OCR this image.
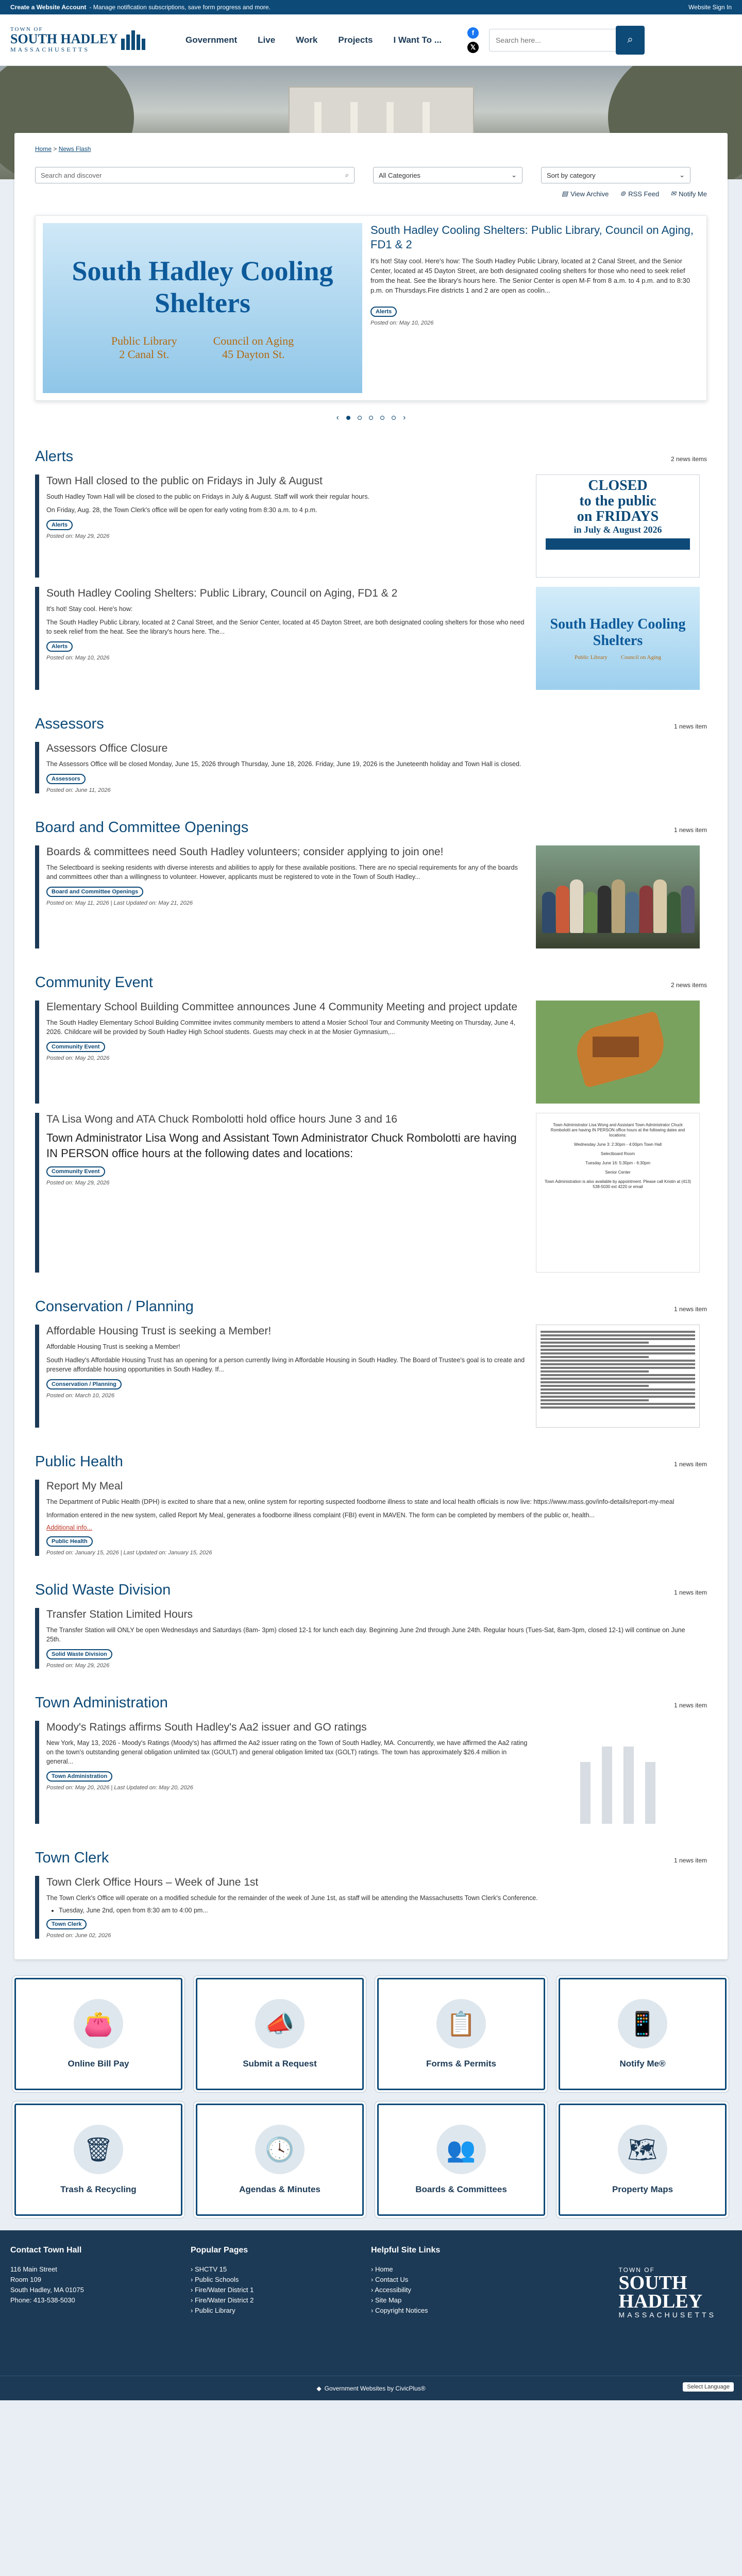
Create a Website Account - Manage notification subscriptions, save form progress and more.	Website Sign In
TOWN OF
SOUTH HADLEY
MASSACHUSETTS
Government Live Work Projects I Want To ...
f
𝕏
Search here...
⌕
Home > News Flash
Search and discover	⌕	All Categories	⌄	Sort by category	⌄
▤ View Archive ⊚ RSS Feed ✉ Notify Me
South Hadley Cooling Shelters
Public Library
2 Canal St.
Council on Aging
45 Dayton St.
South Hadley Cooling Shelters: Public Library, Council on Aging, FD1 & 2

It's hot! Stay cool. Here's how: The South Hadley Public Library, located at 2 Canal Street, and the Senior Center, located at 45 Dayton Street, are both designated cooling shelters for those who need to seek relief from the heat. See the library's hours here. The Senior Center is open M-F from 8 a.m. to 4 p.m. and to 8:30 p.m. on Thursdays.Fire districts 1 and 2 are open as coolin...

Alerts
Posted on: May 10, 2026
‹	›
Alerts	2 news items
Town Hall closed to the public on Fridays in July & August

South Hadley Town Hall will be closed to the public on Fridays in July & August. Staff will work their regular hours.

On Friday, Aug. 28, the Town Clerk's office will be open for early voting from 8:30 a.m. to 4 p.m.

Alerts
Posted on: May 29, 2026
CLOSED
to the public
on FRIDAYS
in July & August 2026
South Hadley Cooling Shelters: Public Library, Council on Aging, FD1 & 2

It's hot! Stay cool. Here's how:

The South Hadley Public Library, located at 2 Canal Street, and the Senior Center, located at 45 Dayton Street, are both designated cooling shelters for those who need to seek relief from the heat. See the library's hours here. The...

Alerts
Posted on: May 10, 2026
South Hadley Cooling Shelters
Public Library Council on Aging
Assessors	1 news item
Assessors Office Closure

The Assessors Office will be closed Monday, June 15, 2026 through Thursday, June 18, 2026. Friday, June 19, 2026 is the Juneteenth holiday and Town Hall is closed.

Assessors
Posted on: June 11, 2026
Board and Committee Openings	1 news item
Boards & committees need South Hadley volunteers; consider applying to join one!

The Selectboard is seeking residents with diverse interests and abilities to apply for these available positions. There are no special requirements for any of the boards and committees other than a willingness to volunteer. However, applicants must be registered to vote in the Town of South Hadley...

Board and Committee Openings
Posted on: May 11, 2026 | Last Updated on: May 21, 2026
Community Event	2 news items
Elementary School Building Committee announces June 4 Community Meeting and project update

The South Hadley Elementary School Building Committee invites community members to attend a Mosier School Tour and Community Meeting on Thursday, June 4, 2026. Childcare will be provided by South Hadley High School students. Guests may check in at the Mosier Gymnasium,...

Community Event
Posted on: May 20, 2026
TA Lisa Wong and ATA Chuck Rombolotti hold office hours June 3 and 16

Town Administrator Lisa Wong and Assistant Town Administrator Chuck Rombolotti are having IN PERSON office hours at the following dates and locations:

Community Event
Posted on: May 29, 2026
Town Administrator Lisa Wong and Assistant Town Administrator Chuck Rombolotti are having IN PERSON office hours at the following dates and locations:
Wednesday June 3: 2:30pm - 4:00pm Town Hall
Selectboard Room
Tuesday June 16: 5:30pm - 6:30pm
Senior Center
Town Administration is also available by appointment. Please call Kristin at (413) 538-5030 ext 4220 or email
Conservation / Planning	1 news item
Affordable Housing Trust is seeking a Member!

Affordable Housing Trust is seeking a Member!

South Hadley's Affordable Housing Trust has an opening for a person currently living in Affordable Housing in South Hadley. The Board of Trustee's goal is to create and preserve affordable housing opportunities in South Hadley. If...

Conservation / Planning
Posted on: March 10, 2026
Public Health	1 news item
Report My Meal

The Department of Public Health (DPH) is excited to share that a new, online system for reporting suspected foodborne illness to state and local health officials is now live: https://www.mass.gov/info-details/report-my-meal

Information entered in the new system, called Report My Meal, generates a foodborne illness complaint (FBI) event in MAVEN. The form can be completed by members of the public or, health...

Additional info...
Public Health
Posted on: January 15, 2026 | Last Updated on: January 15, 2026
Solid Waste Division	1 news item
Transfer Station Limited Hours

The Transfer Station will ONLY be open Wednesdays and Saturdays (8am- 3pm) closed 12-1 for lunch each day. Beginning June 2nd through June 24th. Regular hours (Tues-Sat, 8am-3pm, closed 12-1) will continue on June 25th.

Solid Waste Division
Posted on: May 29, 2026
Town Administration	1 news item
Moody's Ratings affirms South Hadley's Aa2 issuer and GO ratings

New York, May 13, 2026 - Moody's Ratings (Moody's) has affirmed the Aa2 issuer rating on the Town of South Hadley, MA. Concurrently, we have affirmed the Aa2 rating on the town's outstanding general obligation unlimited tax (GOULT) and general obligation limited tax (GOLT) ratings. The town has approximately $26.4 million in general...

Town Administration
Posted on: May 20, 2026 | Last Updated on: May 20, 2026
Town Clerk	1 news item
Town Clerk Office Hours – Week of June 1st

The Town Clerk's Office will operate on a modified schedule for the remainder of the week of June 1st, as staff will be attending the Massachusetts Town Clerk's Conference.

• Tuesday, June 2nd, open from 8:30 am to 4:00 pm...
Town Clerk
Posted on: June 02, 2026
👛
Online Bill Pay
📣
Submit a Request
📋
Forms & Permits
📱
Notify Me®
🗑
Trash & Recycling
🕓
Agendas & Minutes
👥
Boards & Committees
🗺
Property Maps
Contact Town Hall

116 Main Street

Room 109

South Hadley, MA 01075

Phone: 413-538-5030

Popular Pages
› SHCTV 15
› Public Schools
› Fire/Water District 1
› Fire/Water District 2
› Public Library
Helpful Site Links
› Home
› Contact Us
› Accessibility
› Site Map
› Copyright Notices
TOWN OF
SOUTH
HADLEY
MASSACHUSETTS
◆ Government Websites by CivicPlus®	Select Language
